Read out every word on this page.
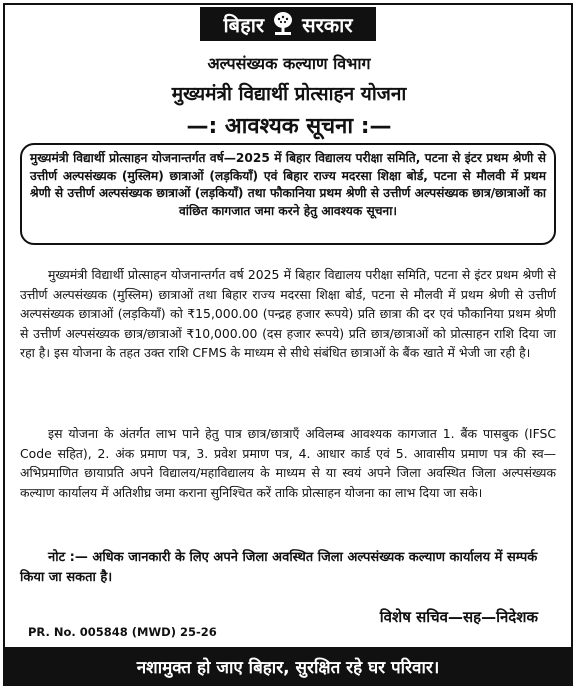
बिहार सरकार
अल्पसंख्यक कल्याण विभाग
मुख्यमंत्री विद्यार्थी प्रोत्साहन योजना
—: आवश्यक सूचना :—
मुख्यमंत्री विद्यार्थी प्रोत्साहन योजनान्तर्गत वर्ष—2025 में बिहार विद्यालय परीक्षा समिति, पटना से इंटर प्रथम श्रेणी से उत्तीर्ण अल्पसंख्यक (मुस्लिम) छात्राओं (लड़कियाँ) एवं बिहार राज्य मदरसा शिक्षा बोर्ड, पटना से मौलवी में प्रथम श्रेणी से उत्तीर्ण अल्पसंख्यक छात्राओं (लड़कियाँ) तथा फौकानिया प्रथम श्रेणी से उत्तीर्ण अल्पसंख्यक छात्र/छात्राओं का वांछित कागजात जमा करने हेतु आवश्यक सूचना।
मुख्यमंत्री विद्यार्थी प्रोत्साहन योजनान्तर्गत वर्ष 2025 में बिहार विद्यालय परीक्षा समिति, पटना से इंटर प्रथम श्रेणी से उत्तीर्ण अल्पसंख्यक (मुस्लिम) छात्राओं तथा बिहार राज्य मदरसा शिक्षा बोर्ड, पटना से मौलवी में प्रथम श्रेणी से उत्तीर्ण अल्पसंख्यक छात्राओं (लड़कियाँ) को ₹15,000.00 (पन्द्रह हजार रूपये) प्रति छात्रा की दर एवं फौकानिया प्रथम श्रेणी से उत्तीर्ण अल्पसंख्यक छात्र/छात्राओं ₹10,000.00 (दस हजार रूपये) प्रति छात्र/छात्राओं को प्रोत्साहन राशि दिया जा रहा है। इस योजना के तहत उक्त राशि CFMS के माध्यम से सीधे संबंधित छात्राओं के बैंक खाते में भेजी जा रही है।
इस योजना के अंतर्गत लाभ पाने हेतु पात्र छात्र/छात्राएँ अविलम्ब आवश्यक कागजात 1. बैंक पासबुक (IFSC Code सहित), 2. अंक प्रमाण पत्र, 3. प्रवेश प्रमाण पत्र, 4. आधार कार्ड एवं 5. आवासीय प्रमाण पत्र की स्व—अभिप्रमाणित छायाप्रति अपने विद्यालय/महाविद्यालय के माध्यम से या स्वयं अपने जिला अवस्थित जिला अल्पसंख्यक कल्याण कार्यालय में अतिशीघ्र जमा कराना सुनिश्चित करें ताकि प्रोत्साहन योजना का लाभ दिया जा सके।
नोट :— अधिक जानकारी के लिए अपने जिला अवस्थित जिला अल्पसंख्यक कल्याण कार्यालय में सम्पर्क किया जा सकता है।
विशेष सचिव—सह—निदेशक
PR. No. 005848 (MWD) 25-26
नशामुक्त हो जाए बिहार, सुरक्षित रहे घर परिवार।
